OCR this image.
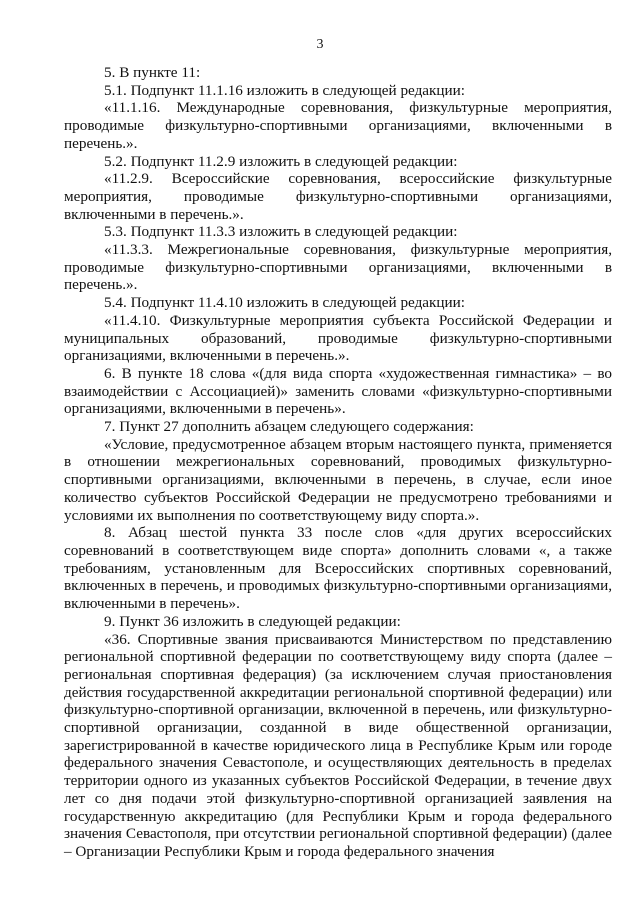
3

5. В пункте 11:

5.1. Подпункт 11.1.16 изложить в следующей редакции:

«11.1.16. Международные соревнования, физкультурные мероприятия, проводимые физкультурно-спортивными организациями, включенными в перечень.».

5.2. Подпункт 11.2.9 изложить в следующей редакции:

«11.2.9. Всероссийские соревнования, всероссийские физкультурные мероприятия, проводимые физкультурно-спортивными организациями, включенными в перечень.».

5.3. Подпункт 11.3.3 изложить в следующей редакции:

«11.3.3. Межрегиональные соревнования, физкультурные мероприятия, проводимые физкультурно-спортивными организациями, включенными в перечень.».

5.4. Подпункт 11.4.10 изложить в следующей редакции:

«11.4.10. Физкультурные мероприятия субъекта Российской Федерации и муниципальных образований, проводимые физкультурно-спортивными организациями, включенными в перечень.».

6. В пункте 18 слова «(для вида спорта «художественная гимнастика» – во взаимодействии с Ассоциацией)» заменить словами «физкультурно-спортивными организациями, включенными в перечень».

7. Пункт 27 дополнить абзацем следующего содержания:

«Условие, предусмотренное абзацем вторым настоящего пункта, применяется в отношении межрегиональных соревнований, проводимых физкультурно-спортивными организациями, включенными в перечень, в случае, если иное количество субъектов Российской Федерации не предусмотрено требованиями и условиями их выполнения по соответствующему виду спорта.».

8. Абзац шестой пункта 33 после слов «для других всероссийских соревнований в соответствующем виде спорта» дополнить словами «, а также требованиям, установленным для Всероссийских спортивных соревнований, включенных в перечень, и проводимых физкультурно-спортивными организациями, включенными в перечень».

9. Пункт 36 изложить в следующей редакции:

«36. Спортивные звания присваиваются Министерством по представлению региональной спортивной федерации по соответствующему виду спорта (далее – региональная спортивная федерация) (за исключением случая приостановления действия государственной аккредитации региональной спортивной федерации) или физкультурно-спортивной организации, включенной в перечень, или физкультурно-спортивной организации, созданной в виде общественной организации, зарегистрированной в качестве юридического лица в Республике Крым или городе федерального значения Севастополе, и осуществляющих деятельность в пределах территории одного из указанных субъектов Российской Федерации, в течение двух лет со дня подачи этой физкультурно-спортивной организацией заявления на государственную аккредитацию (для Республики Крым и города федерального значения Севастополя, при отсутствии региональной спортивной федерации) (далее – Организации Республики Крым и города федерального значения
